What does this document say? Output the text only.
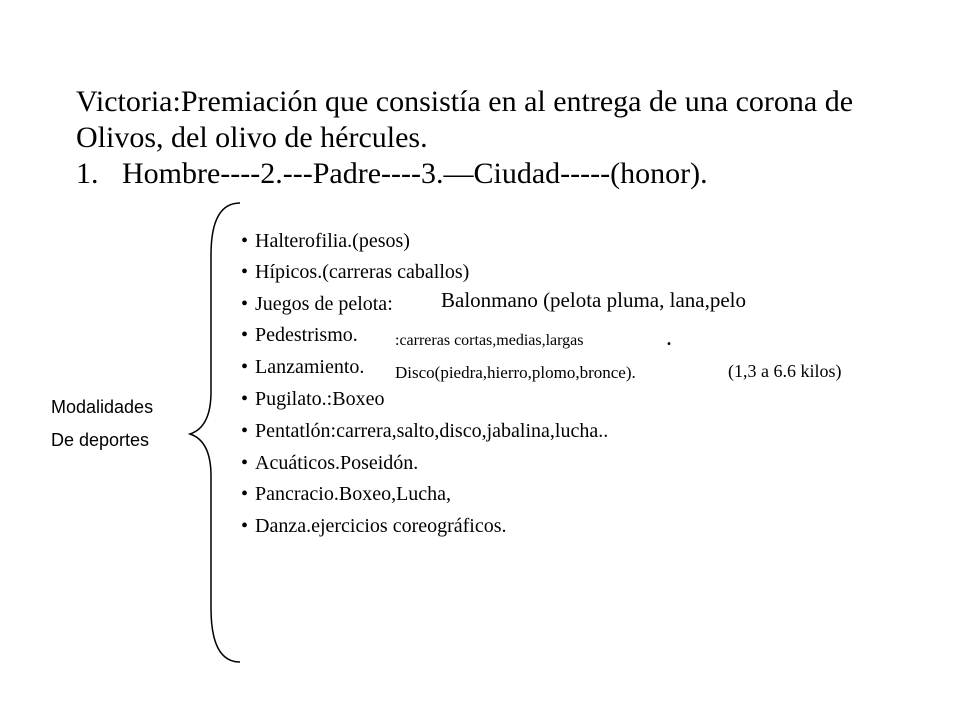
Victoria:Premiación que consistía en al entrega de una corona de
Olivos, del olivo de hércules.
1. Hombre----2.---Padre----3.—Ciudad-----(honor).
Modalidades
De deportes
• Halterofilia.(pesos)
• Hípicos.(carreras caballos)
• Juegos de pelota:
• Pedestrismo.
• Lanzamiento.
• Pugilato.:Boxeo
• Pentatlón:carrera,salto,disco,jabalina,lucha..
• Acuáticos.Poseidón.
• Pancracio.Boxeo,Lucha,
• Danza.ejercicios coreográficos.
Balonmano (pelota pluma, lana,pelo
:carreras cortas,medias,largas	.
Disco(piedra,hierro,plomo,bronce).	(1,3 a 6.6 kilos)
